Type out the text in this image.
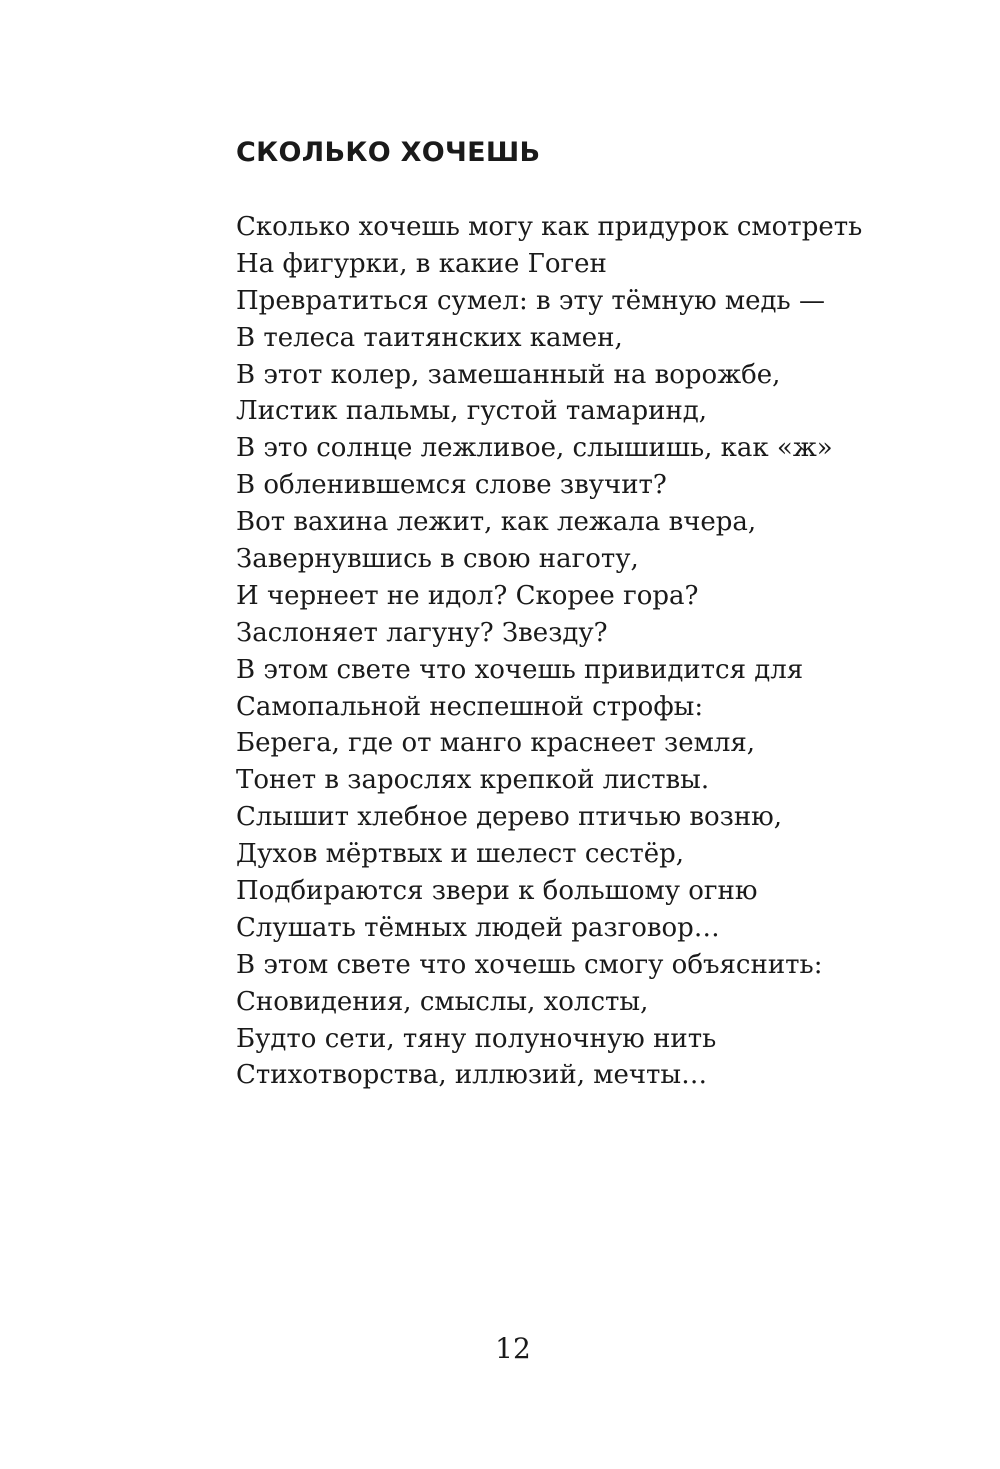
СКОЛЬКО ХОЧЕШЬ
Сколько хочешь могу как придурок смотреть
На фигурки, в какие Гоген
Превратиться сумел: в эту тёмную медь —
В телеса таитянских камен,
В этот колер, замешанный на ворожбе,
Листик пальмы, густой тамаринд,
В это солнце лежливое, слышишь, как «ж»
В обленившемся слове звучит?
Вот вахина лежит, как лежала вчера,
Завернувшись в свою наготу,
И чернеет не идол? Скорее гора?
Заслоняет лагуну? Звезду?
В этом свете что хочешь привидится для
Самопальной неспешной строфы:
Берега, где от манго краснеет земля,
Тонет в зарослях крепкой листвы.
Слышит хлебное дерево птичью возню,
Духов мёртвых и шелест сестёр,
Подбираются звери к большому огню
Слушать тёмных людей разговор…
В этом свете что хочешь смогу объяснить:
Сновидения, смыслы, холсты,
Будто сети, тяну полуночную нить
Стихотворства, иллюзий, мечты…
12
